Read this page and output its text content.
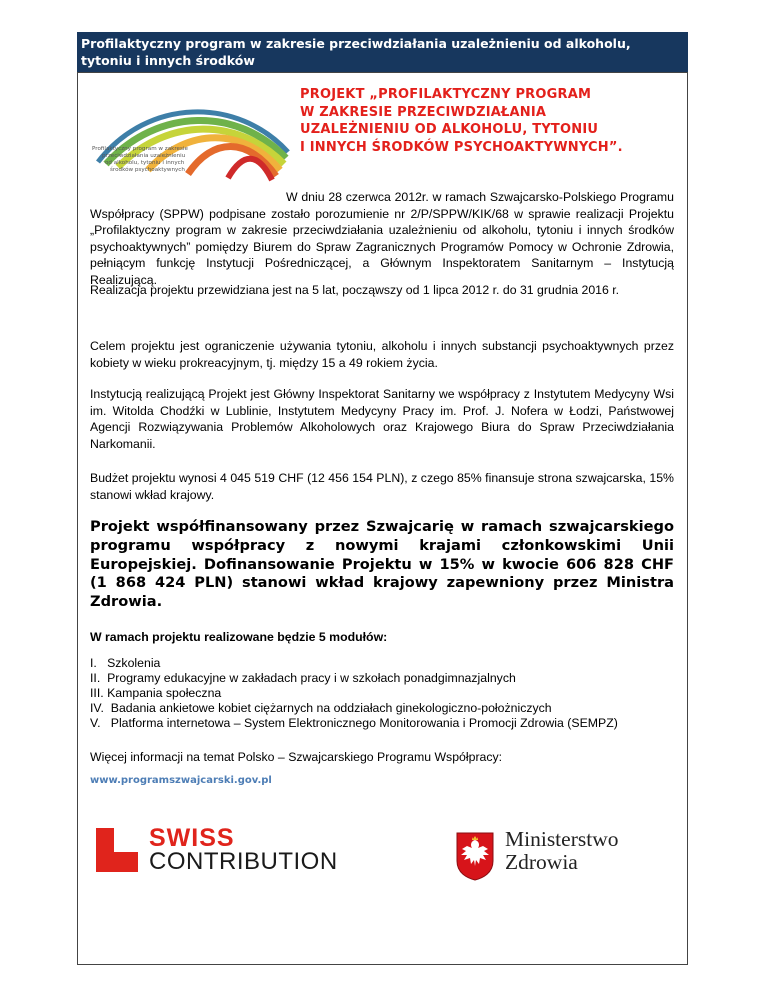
Profilaktyczny program w zakresie przeciwdziałania uzależnieniu od alkoholu, tytoniu i innych środków
Profilaktyczny program w zakresie
przeciwdziałania uzależnieniu
od alkoholu, tytoniu i innych
środków psychoaktywnych
PROJEKT „PROFILAKTYCZNY PROGRAM
W ZAKRESIE PRZECIWDZIAŁANIA
UZALEŻNIENIU OD ALKOHOLU, TYTONIU
I INNYCH ŚRODKÓW PSYCHOAKTYWNYCH”.
W dniu 28 czerwca 2012r. w ramach Szwajcarsko-Polskiego Programu Współpracy (SPPW) podpisane zostało porozumienie nr 2/P/SPPW/KIK/68 w sprawie realizacji Projektu „Profilaktyczny program w zakresie przeciwdziałania uzależnieniu od alkoholu, tytoniu i innych środków psychoaktywnych” pomiędzy Biurem do Spraw Zagranicznych Programów Pomocy w Ochronie Zdrowia, pełniącym funkcję Instytucji Pośredniczącej, a Głównym Inspektoratem Sanitarnym – Instytucją Realizującą.
Realizacja projektu przewidziana jest na 5 lat, począwszy od 1 lipca 2012 r. do 31 grudnia 2016 r.
Celem projektu jest ograniczenie używania tytoniu, alkoholu i innych substancji psychoaktywnych przez kobiety w wieku prokreacyjnym, tj. między 15 a 49 rokiem życia.
Instytucją realizującą Projekt jest Główny Inspektorat Sanitarny we współpracy z Instytutem Medycyny Wsi im. Witolda Chodźki w Lublinie, Instytutem Medycyny Pracy im. Prof. J. Nofera w Łodzi, Państwowej Agencji Rozwiązywania Problemów Alkoholowych oraz Krajowego Biura do Spraw Przeciwdziałania Narkomanii.
Budżet projektu wynosi 4 045 519 CHF (12 456 154 PLN), z czego 85% finansuje strona szwajcarska, 15% stanowi wkład krajowy.
Projekt współfinansowany przez Szwajcarię w ramach szwajcarskiego programu współpracy z nowymi krajami członkowskimi Unii Europejskiej. Dofinansowanie Projektu w 15% w kwocie 606 828 CHF (1 868 424 PLN) stanowi wkład krajowy zapewniony przez Ministra Zdrowia.
W ramach projektu realizowane będzie 5 modułów:
I.   Szkolenia
II.  Programy edukacyjne w zakładach pracy i w szkołach ponadgimnazjalnych
III. Kampania społeczna
IV.  Badania ankietowe kobiet ciężarnych na oddziałach ginekologiczno-położniczych
V.   Platforma internetowa – System Elektronicznego Monitorowania i Promocji Zdrowia (SEMPZ)
Więcej informacji na temat Polsko – Szwajcarskiego Programu Współpracy:
www.programszwajcarski.gov.pl
SWISS
CONTRIBUTION
Ministerstwo
Zdrowia
